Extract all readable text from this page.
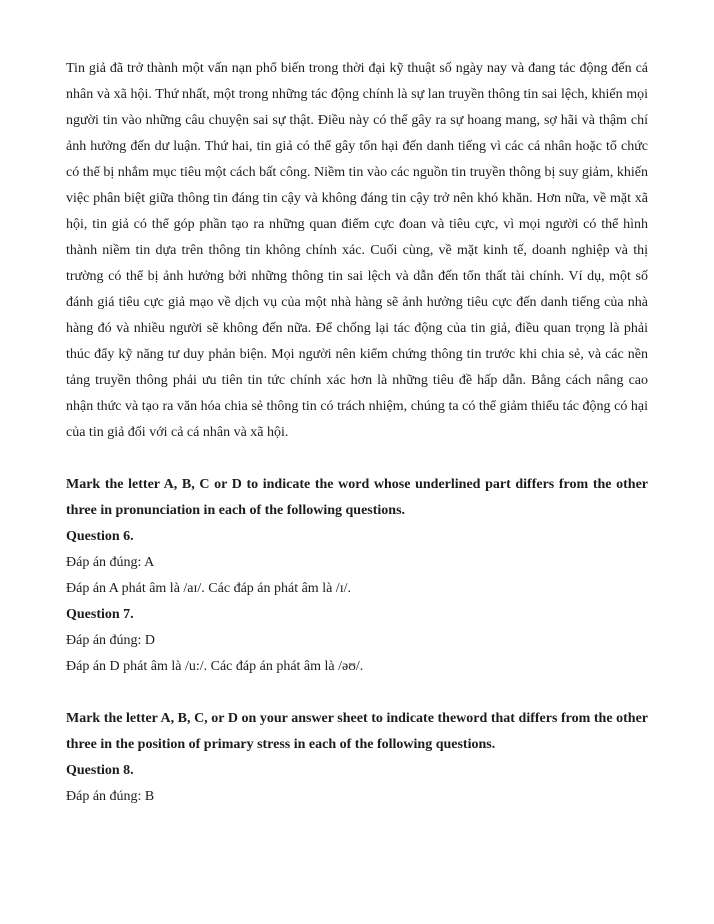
Tin giả đã trở thành một vấn nạn phổ biến trong thời đại kỹ thuật số ngày nay và đang tác động đến cá nhân và xã hội. Thứ nhất, một trong những tác động chính là sự lan truyền thông tin sai lệch, khiến mọi người tin vào những câu chuyện sai sự thật. Điều này có thể gây ra sự hoang mang, sợ hãi và thậm chí ảnh hưởng đến dư luận. Thứ hai, tin giả có thể gây tổn hại đến danh tiếng vì các cá nhân hoặc tổ chức có thể bị nhắm mục tiêu một cách bất công. Niềm tin vào các nguồn tin truyền thông bị suy giảm, khiến việc phân biệt giữa thông tin đáng tin cậy và không đáng tin cậy trở nên khó khăn. Hơn nữa, về mặt xã hội, tin giả có thể góp phần tạo ra những quan điểm cực đoan và tiêu cực, vì mọi người có thể hình thành niềm tin dựa trên thông tin không chính xác. Cuối cùng, về mặt kinh tế, doanh nghiệp và thị trường có thể bị ảnh hưởng bởi những thông tin sai lệch và dẫn đến tổn thất tài chính. Ví dụ, một số đánh giá tiêu cực giả mạo về dịch vụ của một nhà hàng sẽ ảnh hưởng tiêu cực đến danh tiếng của nhà hàng đó và nhiều người sẽ không đến nữa. Để chống lại tác động của tin giả, điều quan trọng là phải thúc đẩy kỹ năng tư duy phản biện. Mọi người nên kiểm chứng thông tin trước khi chia sẻ, và các nền tảng truyền thông phải ưu tiên tin tức chính xác hơn là những tiêu đề hấp dẫn. Bằng cách nâng cao nhận thức và tạo ra văn hóa chia sẻ thông tin có trách nhiệm, chúng ta có thể giảm thiểu tác động có hại của tin giả đối với cả cá nhân và xã hội.

Mark the letter A, B, C or D to indicate the word whose underlined part differs from the other three in pronunciation in each of the following questions.

Question 6.

Đáp án đúng: A

Đáp án A phát âm là /aɪ/. Các đáp án phát âm là /ɪ/.

Question 7.

Đáp án đúng: D

Đáp án D phát âm là /u:/. Các đáp án phát âm là /əʊ/.

Mark the letter A, B, C, or D on your answer sheet to indicate theword that differs from the other three in the position of primary stress in each of the following questions.

Question 8.

Đáp án đúng: B
